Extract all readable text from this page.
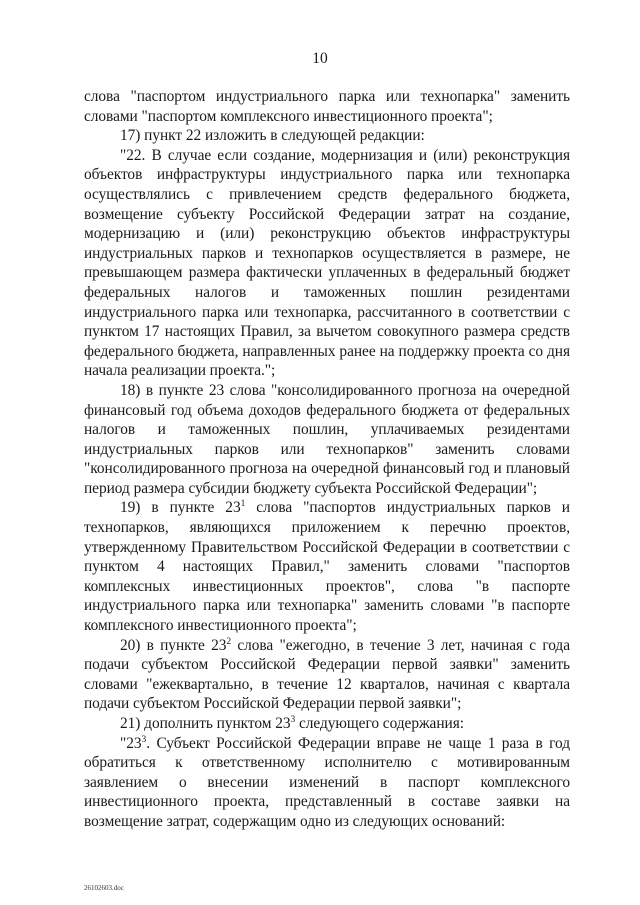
10

слова "паспортом индустриального парка или технопарка" заменить словами "паспортом комплексного инвестиционного проекта";

17) пункт 22 изложить в следующей редакции:

"22. В случае если создание, модернизация и (или) реконструкция объектов инфраструктуры индустриального парка или технопарка осуществлялись с привлечением средств федерального бюджета, возмещение субъекту Российской Федерации затрат на создание, модернизацию и (или) реконструкцию объектов инфраструктуры индустриальных парков и технопарков осуществляется в размере, не превышающем размера фактически уплаченных в федеральный бюджет федеральных налогов и таможенных пошлин резидентами индустриального парка или технопарка, рассчитанного в соответствии с пунктом 17 настоящих Правил, за вычетом совокупного размера средств федерального бюджета, направленных ранее на поддержку проекта со дня начала реализации проекта.";

18) в пункте 23 слова "консолидированного прогноза на очередной финансовый год объема доходов федерального бюджета от федеральных налогов и таможенных пошлин, уплачиваемых резидентами индустриальных парков или технопарков" заменить словами "консолидированного прогноза на очередной финансовый год и плановый период размера субсидии бюджету субъекта Российской Федерации";

19) в пункте $23^1$ слова "паспортов индустриальных парков и технопарков, являющихся приложением к перечню проектов, утвержденному Правительством Российской Федерации в соответствии с пунктом 4 настоящих Правил," заменить словами "паспортов комплексных инвестиционных проектов", слова "в паспорте индустриального парка или технопарка" заменить словами "в паспорте комплексного инвестиционного проекта";

20) в пункте $23^2$ слова "ежегодно, в течение 3 лет, начиная с года подачи субъектом Российской Федерации первой заявки" заменить словами "ежеквартально, в течение 12 кварталов, начиная с квартала подачи субъектом Российской Федерации первой заявки";

21) дополнить пунктом $23^3$ следующего содержания:

"$23^3$. Субъект Российской Федерации вправе не чаще 1 раза в год обратиться к ответственному исполнителю с мотивированным заявлением о внесении изменений в паспорт комплексного инвестиционного проекта, представленный в составе заявки на возмещение затрат, содержащим одно из следующих оснований:

26102603.doc
